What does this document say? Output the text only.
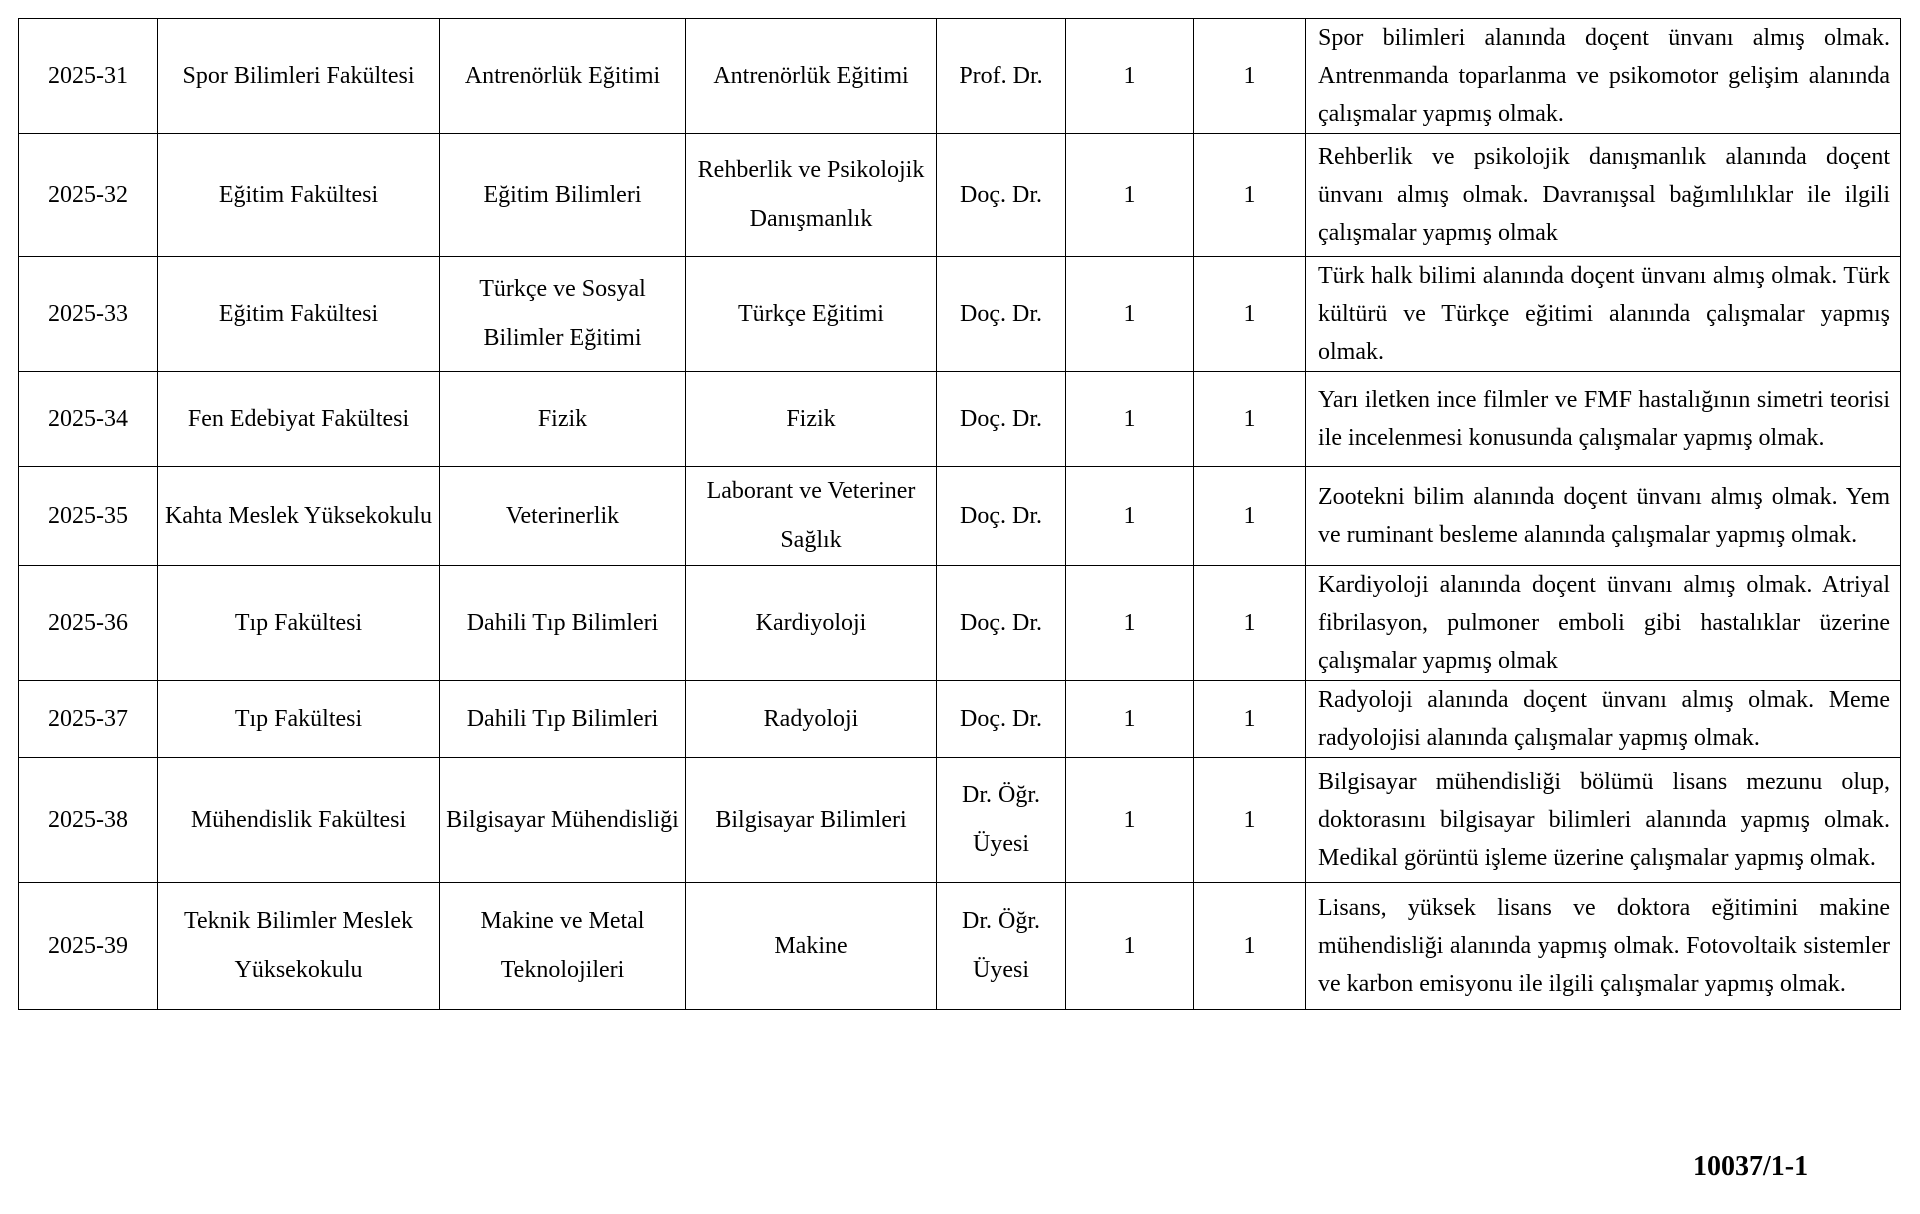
2025-31	Spor Bilimleri Fakültesi	Antrenörlük Eğitimi	Antrenörlük Eğitimi	Prof. Dr.	1	1	Spor bilimleri alanında doçent ünvanı almış olmak. Antrenmanda toparlanma ve psikomotor gelişim alanında çalışmalar yapmış olmak.
2025-32	Eğitim Fakültesi	Eğitim Bilimleri	Rehberlik ve Psikolojik Danışmanlık	Doç. Dr.	1	1	Rehberlik ve psikolojik danışmanlık alanında doçent ünvanı almış olmak. Davranışsal bağımlılıklar ile ilgili çalışmalar yapmış olmak
2025-33	Eğitim Fakültesi	Türkçe ve Sosyal Bilimler Eğitimi	Türkçe Eğitimi	Doç. Dr.	1	1	Türk halk bilimi alanında doçent ünvanı almış olmak. Türk kültürü ve Türkçe eğitimi alanında çalışmalar yapmış olmak.
2025-34	Fen Edebiyat Fakültesi	Fizik	Fizik	Doç. Dr.	1	1	Yarı iletken ince filmler ve FMF hastalığının simetri teorisi ile incelenmesi konusunda çalışmalar yapmış olmak.
2025-35	Kahta Meslek Yüksekokulu	Veterinerlik	Laborant ve Veteriner Sağlık	Doç. Dr.	1	1	Zootekni bilim alanında doçent ünvanı almış olmak. Yem ve ruminant besleme alanında çalışmalar yapmış olmak.
2025-36	Tıp Fakültesi	Dahili Tıp Bilimleri	Kardiyoloji	Doç. Dr.	1	1	Kardiyoloji alanında doçent ünvanı almış olmak. Atriyal fibrilasyon, pulmoner emboli gibi hastalıklar üzerine çalışmalar yapmış olmak
2025-37	Tıp Fakültesi	Dahili Tıp Bilimleri	Radyoloji	Doç. Dr.	1	1	Radyoloji alanında doçent ünvanı almış olmak. Meme radyolojisi alanında çalışmalar yapmış olmak.
2025-38	Mühendislik Fakültesi	Bilgisayar Mühendisliği	Bilgisayar Bilimleri	Dr. Öğr. Üyesi	1	1	Bilgisayar mühendisliği bölümü lisans mezunu olup, doktorasını bilgisayar bilimleri alanında yapmış olmak. Medikal görüntü işleme üzerine çalışmalar yapmış olmak.
2025-39	Teknik Bilimler Meslek Yüksekokulu	Makine ve Metal Teknolojileri	Makine	Dr. Öğr. Üyesi	1	1	Lisans, yüksek lisans ve doktora eğitimini makine mühendisliği alanında yapmış olmak. Fotovoltaik sistemler ve karbon emisyonu ile ilgili çalışmalar yapmış olmak.
10037/1-1
